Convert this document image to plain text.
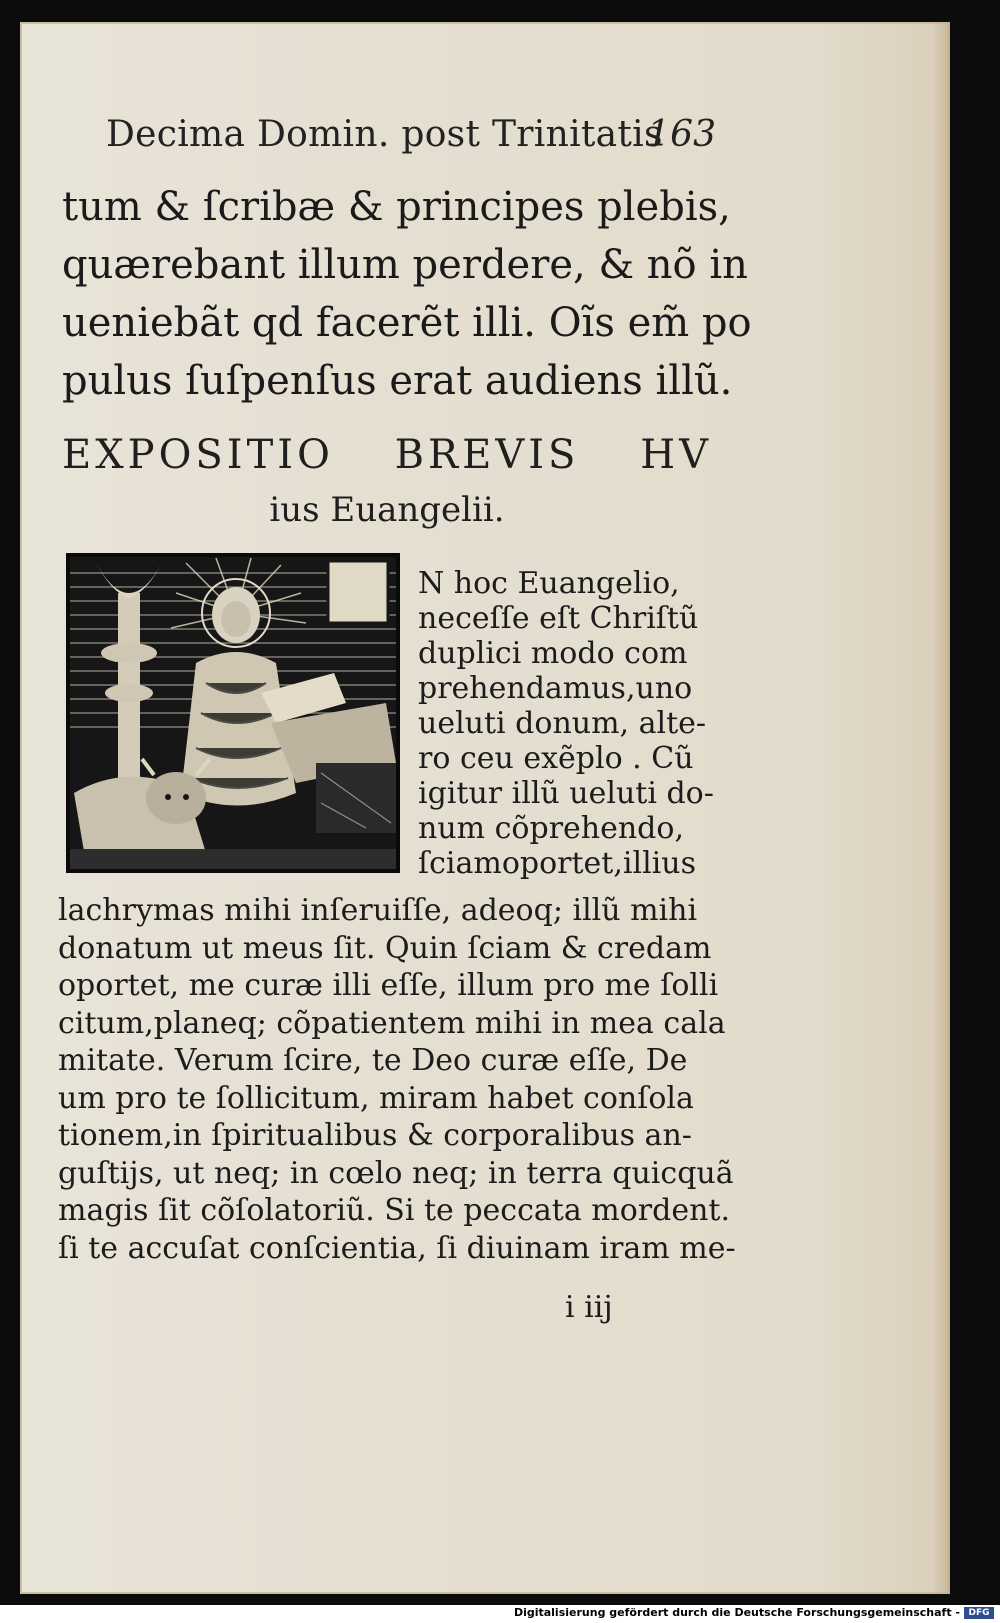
Decima Domin. post Trinitatis
163
tum & ſcribæ & principes plebis,
quærebant illum perdere, & nõ in
ueniebãt qd facerẽt illi. Oĩs em̃ po
pulus ſuſpenſus erat audiens illũ.
EXPOSITIO BREVIS HV
ius Euangelii.
N hoc Euangelio,
neceſſe eſt Chriſtũ
duplici modo com
prehendamus,uno
ueluti donum, alte-
ro ceu exẽplo . Cũ
igitur illũ ueluti do-
num cõprehendo,
ſciamoportet,illius
lachrymas mihi inſeruiſſe, adeoq; illũ mihi
donatum ut meus ſit. Quin ſciam & credam
oportet, me curæ illi eſſe, illum pro me ſolli
citum,planeq; cõpatientem mihi in mea cala
mitate. Verum ſcire, te Deo curæ eſſe, De
um pro te ſollicitum, miram habet conſola
tionem,in ſpiritualibus & corporalibus an-
guſtijs, ut neq; in cœlo neq; in terra quicquã
magis ſit cõſolatoriũ. Si te peccata mordent.
ſi te accuſat conſcientia, ſi diuinam iram me-
i iij
Digitalisierung gefördert durch die Deutsche Forschungsgemeinschaft - DFG
